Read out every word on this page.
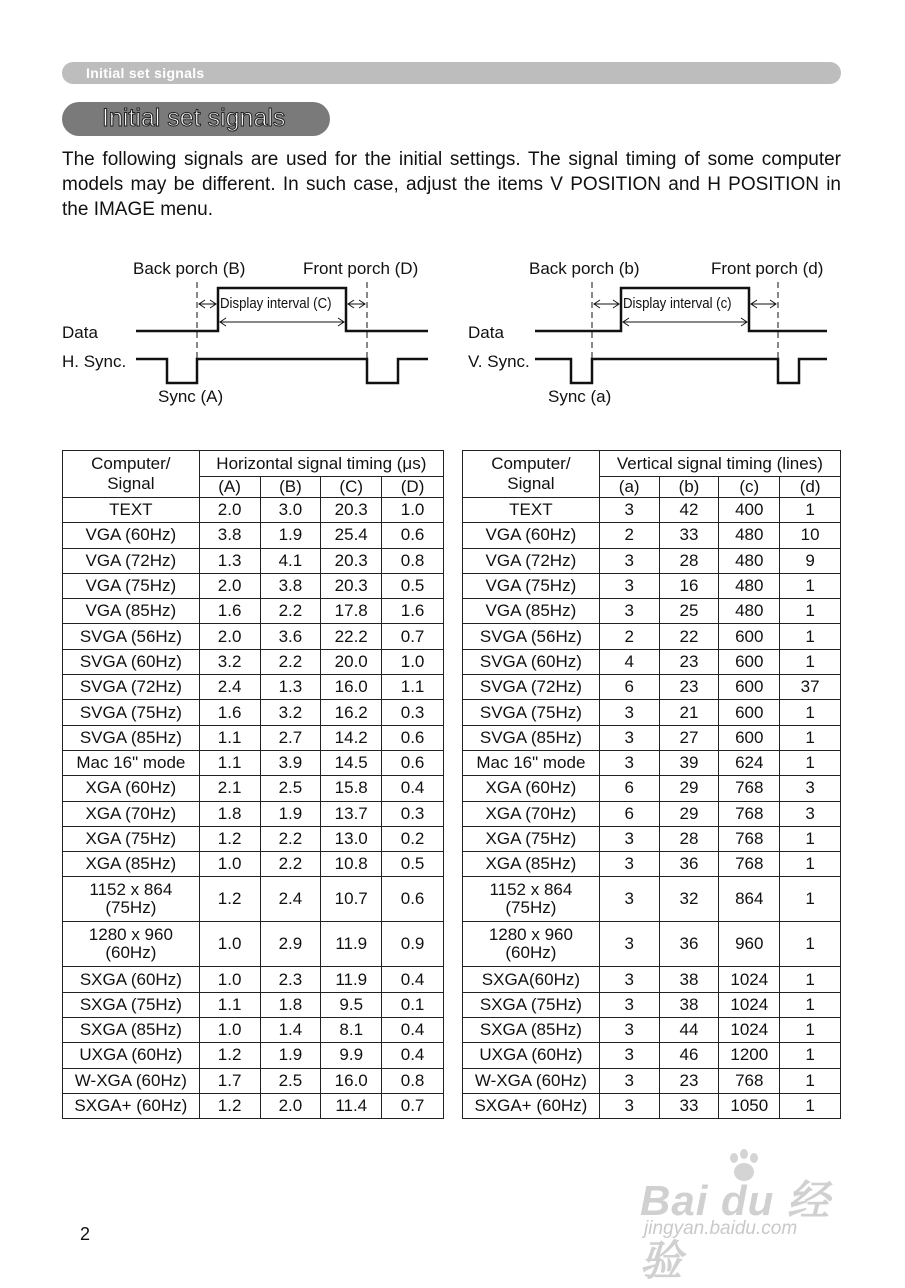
Initial set signals
Initial set signals

The following signals are used for the initial settings. The signal timing of some computer models may be different. In such case, adjust the items V POSITION and H POSITION in the IMAGE menu.

Back porch (B)	Front porch (D)
Display interval (C)
Data
H. Sync.
Sync (A)
Back porch (b)	Front porch (d)
Display interval (c)
Data
V. Sync.
Sync (a)
Computer/
Signal	Horizontal signal timing (μs)			
	(A)	(B)	(C)	(D)
TEXT	2.0	3.0	20.3	1.0
VGA (60Hz)	3.8	1.9	25.4	0.6
VGA (72Hz)	1.3	4.1	20.3	0.8
VGA (75Hz)	2.0	3.8	20.3	0.5
VGA (85Hz)	1.6	2.2	17.8	1.6
SVGA (56Hz)	2.0	3.6	22.2	0.7
SVGA (60Hz)	3.2	2.2	20.0	1.0
SVGA (72Hz)	2.4	1.3	16.0	1.1
SVGA (75Hz)	1.6	3.2	16.2	0.3
SVGA (85Hz)	1.1	2.7	14.2	0.6
Mac 16" mode	1.1	3.9	14.5	0.6
XGA (60Hz)	2.1	2.5	15.8	0.4
XGA (70Hz)	1.8	1.9	13.7	0.3
XGA (75Hz)	1.2	2.2	13.0	0.2
XGA (85Hz)	1.0	2.2	10.8	0.5
1152 x 864
(75Hz)	1.2	2.4	10.7	0.6
1280 x 960
(60Hz)	1.0	2.9	11.9	0.9
SXGA (60Hz)	1.0	2.3	11.9	0.4
SXGA (75Hz)	1.1	1.8	9.5	0.1
SXGA (85Hz)	1.0	1.4	8.1	0.4
UXGA (60Hz)	1.2	1.9	9.9	0.4
W-XGA (60Hz)	1.7	2.5	16.0	0.8
SXGA+ (60Hz)	1.2	2.0	11.4	0.7
Computer/
Signal	Vertical signal timing (lines)			
	(a)	(b)	(c)	(d)
TEXT	3	42	400	1
VGA (60Hz)	2	33	480	10
VGA (72Hz)	3	28	480	9
VGA (75Hz)	3	16	480	1
VGA (85Hz)	3	25	480	1
SVGA (56Hz)	2	22	600	1
SVGA (60Hz)	4	23	600	1
SVGA (72Hz)	6	23	600	37
SVGA (75Hz)	3	21	600	1
SVGA (85Hz)	3	27	600	1
Mac 16" mode	3	39	624	1
XGA (60Hz)	6	29	768	3
XGA (70Hz)	6	29	768	3
XGA (75Hz)	3	28	768	1
XGA (85Hz)	3	36	768	1
1152 x 864
(75Hz)	3	32	864	1
1280 x 960
(60Hz)	3	36	960	1
SXGA(60Hz)	3	38	1024	1
SXGA (75Hz)	3	38	1024	1
SXGA (85Hz)	3	44	1024	1
UXGA (60Hz)	3	46	1200	1
W-XGA (60Hz)	3	23	768	1
SXGA+ (60Hz)	3	33	1050	1
2
Bai du 经验
jingyan.baidu.com
